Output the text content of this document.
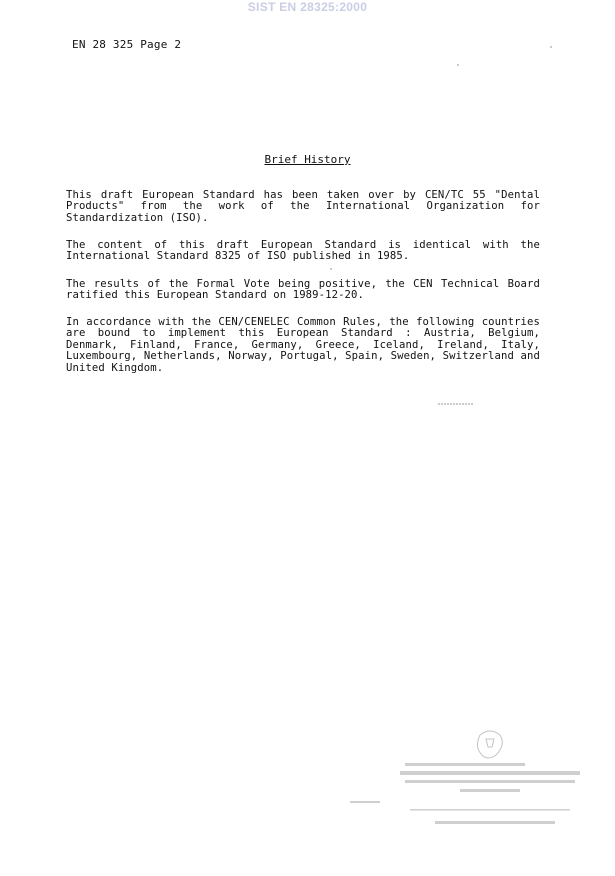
SIST EN 28325:2000
EN 28 325 Page 2
Brief History
This draft European Standard has been taken over by CEN/TC 55 "Dental Products" from the work of the International Organization for Standardization (ISO).
The content of this draft European Standard is identical with the International Standard 8325 of ISO published in 1985.
The results of the Formal Vote being positive, the CEN Technical Board ratified this European Standard on 1989-12-20.
In accordance with the CEN/CENELEC Common Rules, the following countries are bound to implement this European Standard : Austria, Belgium, Denmark, Finland, France, Germany, Greece, Iceland, Ireland, Italy, Luxembourg, Netherlands, Norway, Portugal, Spain, Sweden, Switzerland and United Kingdom.
